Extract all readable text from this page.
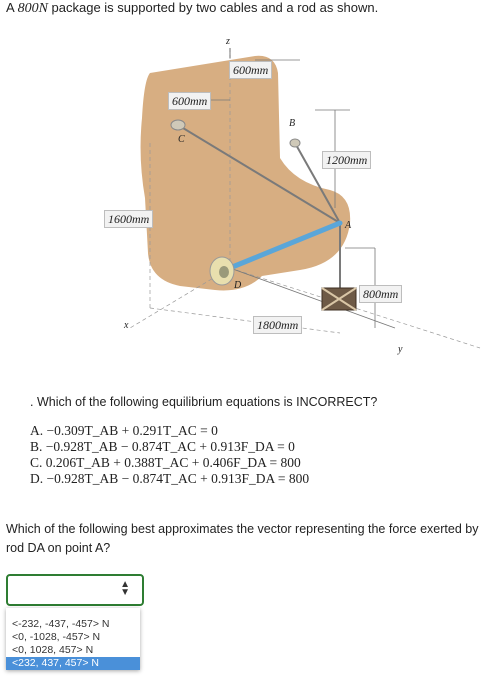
A 800N package is supported by two cables and a rod as shown.
z
x
y
B
C
A
D
600mm
600mm
1200mm
1600mm
800mm
1800mm
. Which of the following equilibrium equations is INCORRECT?
A. −0.309T_AB + 0.291T_AC = 0
B. −0.928T_AB − 0.874T_AC + 0.913F_DA = 0
C. 0.206T_AB + 0.388T_AC + 0.406F_DA = 800
D. −0.928T_AB − 0.874T_AC + 0.913F_DA = 800
Which of the following best approximates the vector representing the force exerted by rod DA on point A?
▲
▼
<-232, -437, -457> N
<0, -1028, -457> N
<0, 1028, 457> N
<232, 437, 457> N
